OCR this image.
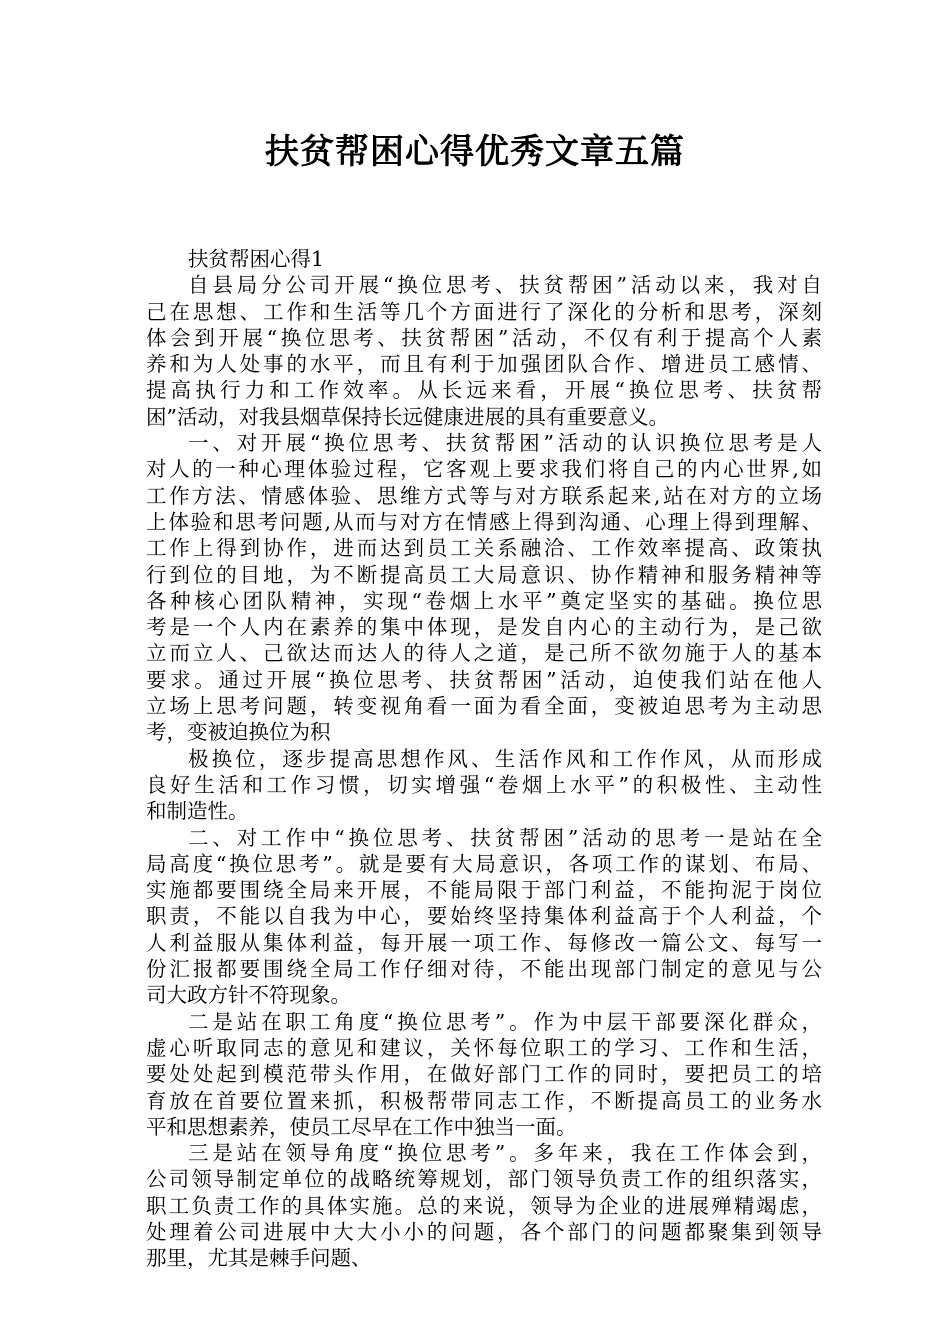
扶贫帮困心得优秀文章五篇
扶贫帮困心得1
自县局分公司开展“换位思考、扶贫帮困”活动以来，我对自
己在思想、工作和生活等几个方面进行了深化的分析和思考，深刻
体会到开展“换位思考、扶贫帮困”活动，不仅有利于提高个人素
养和为人处事的水平，而且有利于加强团队合作、增进员工感情、
提高执行力和工作效率。从长远来看，开展“换位思考、扶贫帮
困”活动，对我县烟草保持长远健康进展的具有重要意义。
一、对开展“换位思考、扶贫帮困”活动的认识换位思考是人
对人的一种心理体验过程，它客观上要求我们将自己的内心世界,如
工作方法、情感体验、思维方式等与对方联系起来,站在对方的立场
上体验和思考问题,从而与对方在情感上得到沟通、心理上得到理解、
工作上得到协作，进而达到员工关系融洽、工作效率提高、政策执
行到位的目地，为不断提高员工大局意识、协作精神和服务精神等
各种核心团队精神，实现“卷烟上水平”奠定坚实的基础。换位思
考是一个人内在素养的集中体现，是发自内心的主动行为，是己欲
立而立人、己欲达而达人的待人之道，是己所不欲勿施于人的基本
要求。通过开展“换位思考、扶贫帮困”活动，迫使我们站在他人
立场上思考问题，转变视角看一面为看全面，变被迫思考为主动思
考，变被迫换位为积
极换位，逐步提高思想作风、生活作风和工作作风，从而形成
良好生活和工作习惯，切实增强“卷烟上水平”的积极性、主动性
和制造性。
二、对工作中“换位思考、扶贫帮困”活动的思考一是站在全
局高度“换位思考”。就是要有大局意识，各项工作的谋划、布局、
实施都要围绕全局来开展，不能局限于部门利益，不能拘泥于岗位
职责，不能以自我为中心，要始终坚持集体利益高于个人利益，个
人利益服从集体利益，每开展一项工作、每修改一篇公文、每写一
份汇报都要围绕全局工作仔细对待，不能出现部门制定的意见与公
司大政方针不符现象。
二是站在职工角度“换位思考”。作为中层干部要深化群众，
虚心听取同志的意见和建议，关怀每位职工的学习、工作和生活，
要处处起到模范带头作用，在做好部门工作的同时，要把员工的培
育放在首要位置来抓，积极帮带同志工作，不断提高员工的业务水
平和思想素养，使员工尽早在工作中独当一面。
三是站在领导角度“换位思考”。多年来，我在工作体会到，
公司领导制定单位的战略统筹规划，部门领导负责工作的组织落实，
职工负责工作的具体实施。总的来说，领导为企业的进展殚精竭虑，
处理着公司进展中大大小小的问题，各个部门的问题都聚集到领导
那里，尤其是棘手问题、
